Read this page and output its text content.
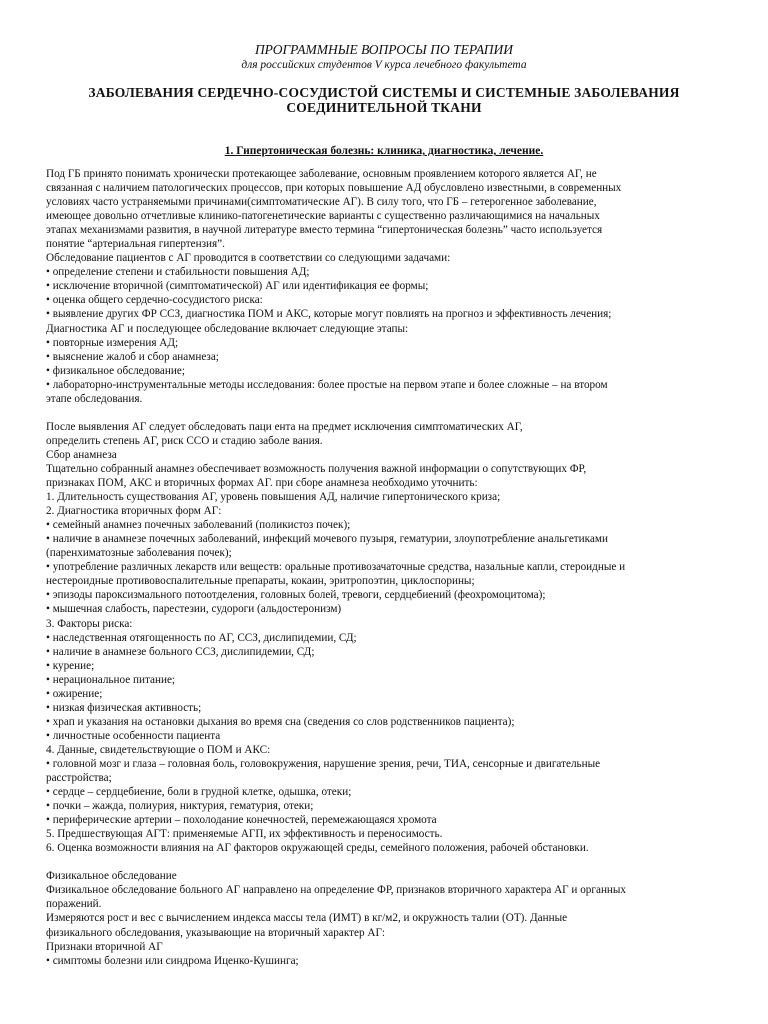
ПРОГРАММНЫЕ ВОПРОСЫ ПО ТЕРАПИИ
для российских студентов V курса лечебного факультета
ЗАБОЛЕВАНИЯ СЕРДЕЧНО-СОСУДИСТОЙ СИСТЕМЫ И СИСТЕМНЫЕ ЗАБОЛЕВАНИЯ
СОЕДИНИТЕЛЬНОЙ ТКАНИ
1. Гипертоническая болезнь: клиника, диагностика, лечение.
Под ГБ принято понимать хронически протекающее заболевание, основным проявлением которого является АГ, не
связанная с наличием патологических процессов, при которых повышение АД обусловлено известными, в современных
условиях часто устраняемыми причинами(симптоматические АГ). В силу того, что ГБ – гетерогенное заболевание,
имеющее довольно отчетливые клинико-патогенетические варианты с существенно различающимися на начальных
этапах механизмами развития, в научной литературе вместо термина “гипертоническая болезнь” часто используется
понятие “артериальная гипертензия”.
Обследование пациентов с АГ проводится в соответствии со следующими задачами:
• определение степени и стабильности повышения АД;
• исключение вторичной (симптоматической) АГ или идентификация ее формы;
• оценка общего сердечно-сосудистого риска:
• выявление других ФР ССЗ, диагностика ПОМ и АКС, которые могут повлиять на прогноз и эффективность лечения;
Диагностика АГ и последующее обследование включает следующие этапы:
• повторные измерения АД;
• выяснение жалоб и сбор анамнеза;
• физикальное обследование;
• лабораторно-инструментальные методы исследования: более простые на первом этапе и более сложные – на втором
этапе обследования.
После выявления АГ следует обследовать паци ента на предмет исключения симптоматических АГ,
определить степень АГ, риск ССО и стадию заболе вания.
Сбор анамнеза
Тщательно собранный анамнез обеспечивает возможность получения важной информации о сопутствующих ФР,
признаках ПОМ, АКС и вторичных формах АГ. при сборе анамнеза необходимо уточнить:
1. Длительность существования АГ, уровень повышения АД, наличие гипертонического криза;
2. Диагностика вторичных форм АГ:
• семейный анамнез почечных заболеваний (поликистоз почек);
• наличие в анамнезе почечных заболеваний, инфекций мочевого пузыря, гематурии, злоупотребление анальгетиками
(паренхиматозные заболевания почек);
• употребление различных лекарств или веществ: оральные противозачаточные средства, назальные капли, стероидные и
нестероидные противовоспалительные препараты, кокаин, эритропоэтин, циклоспорины;
• эпизоды пароксизмального потоотделения, головных болей, тревоги, сердцебиений (феохромоцитома);
• мышечная слабость, парестезии, судороги (альдостеронизм)
3. Факторы риска:
• наследственная отягощенность по АГ, ССЗ, дислипидемии, СД;
• наличие в анамнезе больного ССЗ, дислипидемии, СД;
• курение;
• нерациональное питание;
• ожирение;
• низкая физическая активность;
• храп и указания на остановки дыхания во время сна (сведения со слов родственников пациента);
• личностные особенности пациента
4. Данные, свидетельствующие о ПОМ и АКС:
• головной мозг и глаза – головная боль, головокружения, нарушение зрения, речи, ТИА, сенсорные и двигательные
расстройства;
• сердце – сердцебиение, боли в грудной клетке, одышка, отеки;
• почки – жажда, полиурия, никтурия, гематурия, отеки;
• периферические артерии – похолодание конечностей, перемежающаяся хромота
5. Предшествующая АГТ: применяемые АГП, их эффективность и переносимость.
6. Оценка возможности влияния на АГ факторов окружающей среды, семейного положения, рабочей обстановки.
Физикальное обследование
Физикальное обследование больного АГ направлено на определение ФР, признаков вторичного характера АГ и органных
поражений.
Измеряются рост и вес с вычислением индекса массы тела (ИМТ) в кг/м2, и окружность талии (ОТ). Данные
физикального обследования, указывающие на вторичный характер АГ:
Признаки вторичной АГ
• симптомы болезни или синдрома Иценко-Кушинга;
